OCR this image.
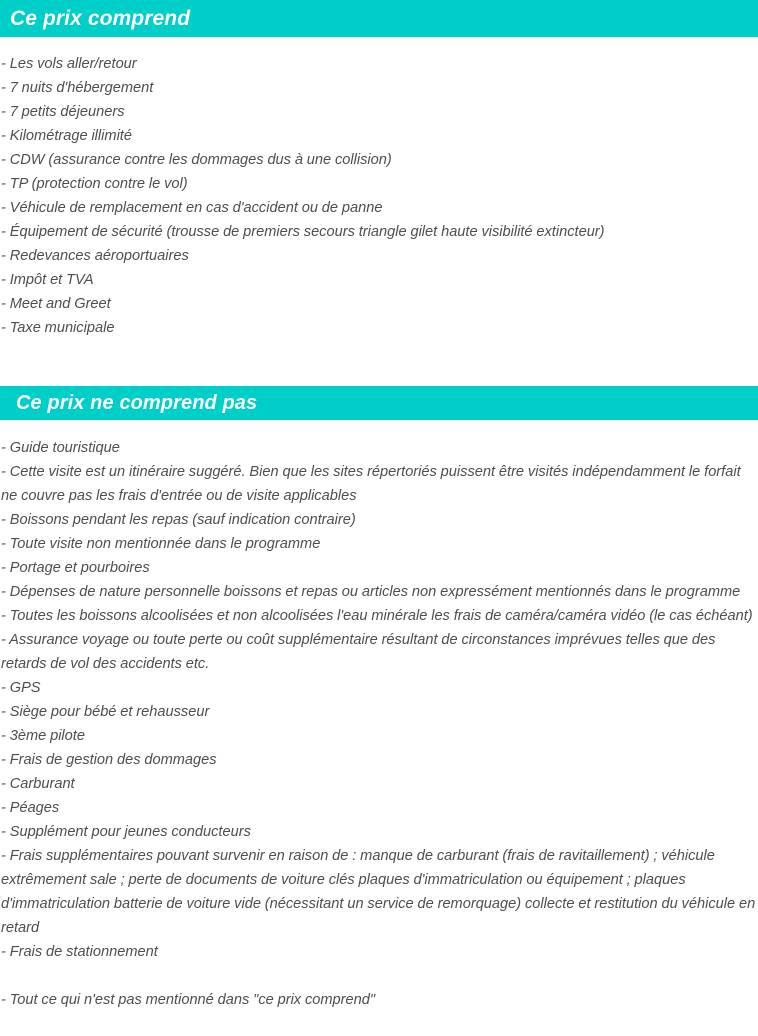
Ce prix comprend
- Les vols aller/retour
- 7 nuits d'hébergement
- 7 petits déjeuners
- Kilométrage illimité
- CDW (assurance contre les dommages dus à une collision)
- TP (protection contre le vol)
- Véhicule de remplacement en cas d'accident ou de panne
- Équipement de sécurité (trousse de premiers secours triangle gilet haute visibilité extincteur)
- Redevances aéroportuaires
- Impôt et TVA
- Meet and Greet
- Taxe municipale
Ce prix ne comprend pas
- Guide touristique
- Cette visite est un itinéraire suggéré. Bien que les sites répertoriés puissent être visités indépendamment le forfait ne couvre pas les frais d'entrée ou de visite applicables
- Boissons pendant les repas (sauf indication contraire)
- Toute visite non mentionnée dans le programme
- Portage et pourboires
- Dépenses de nature personnelle boissons et repas ou articles non expressément mentionnés dans le programme
- Toutes les boissons alcoolisées et non alcoolisées l'eau minérale les frais de caméra/caméra vidéo (le cas échéant)
- Assurance voyage ou toute perte ou coût supplémentaire résultant de circonstances imprévues telles que des retards de vol des accidents etc.
- GPS
- Siège pour bébé et rehausseur
- 3ème pilote
- Frais de gestion des dommages
- Carburant
- Péages
- Supplément pour jeunes conducteurs
- Frais supplémentaires pouvant survenir en raison de : manque de carburant (frais de ravitaillement) ; véhicule extrêmement sale ; perte de documents de voiture clés plaques d'immatriculation ou équipement ; plaques d'immatriculation batterie de voiture vide (nécessitant un service de remorquage) collecte et restitution du véhicule en retard
- Frais de stationnement
- Tout ce qui n'est pas mentionné dans "ce prix comprend"
